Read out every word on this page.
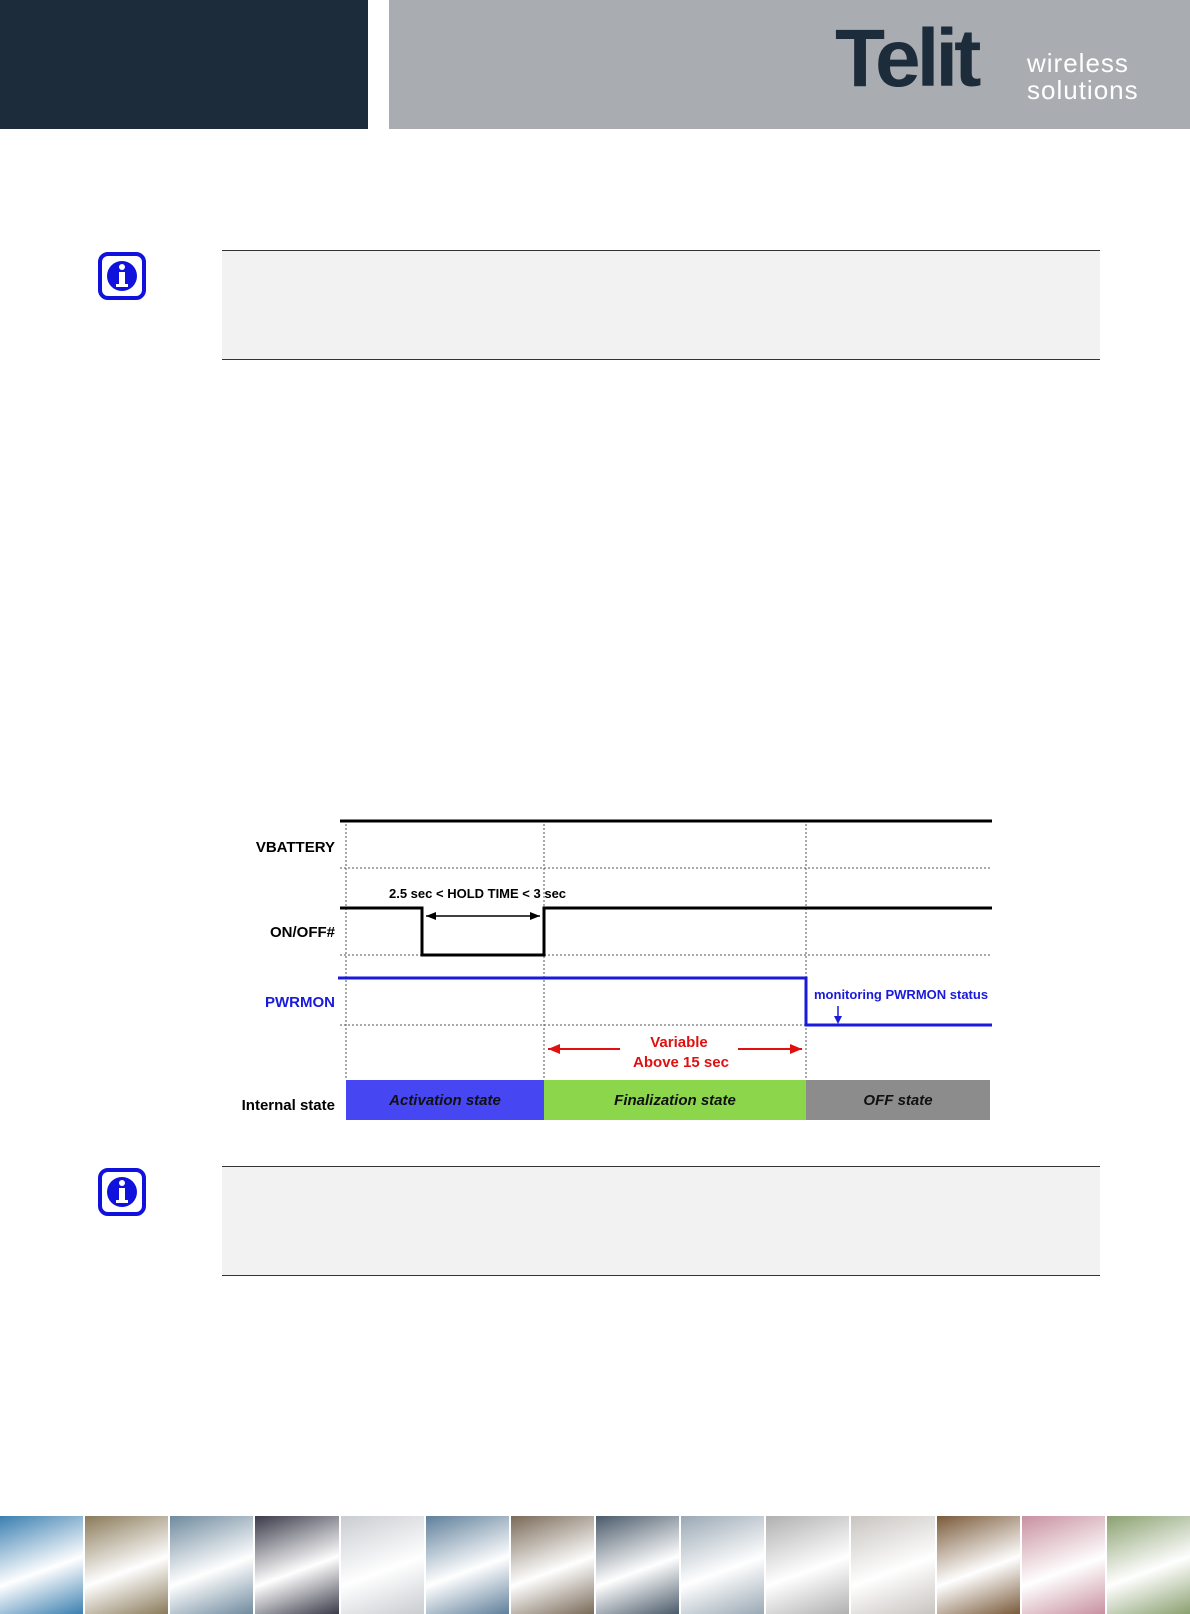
Telit wireless
solutions
VBATTERY
ON/OFF#
2.5 sec < HOLD TIME < 3 sec
PWRMON	monitoring PWRMON status
Variable
Above 15 sec
Internal state	Activation state	Finalization state	OFF state
